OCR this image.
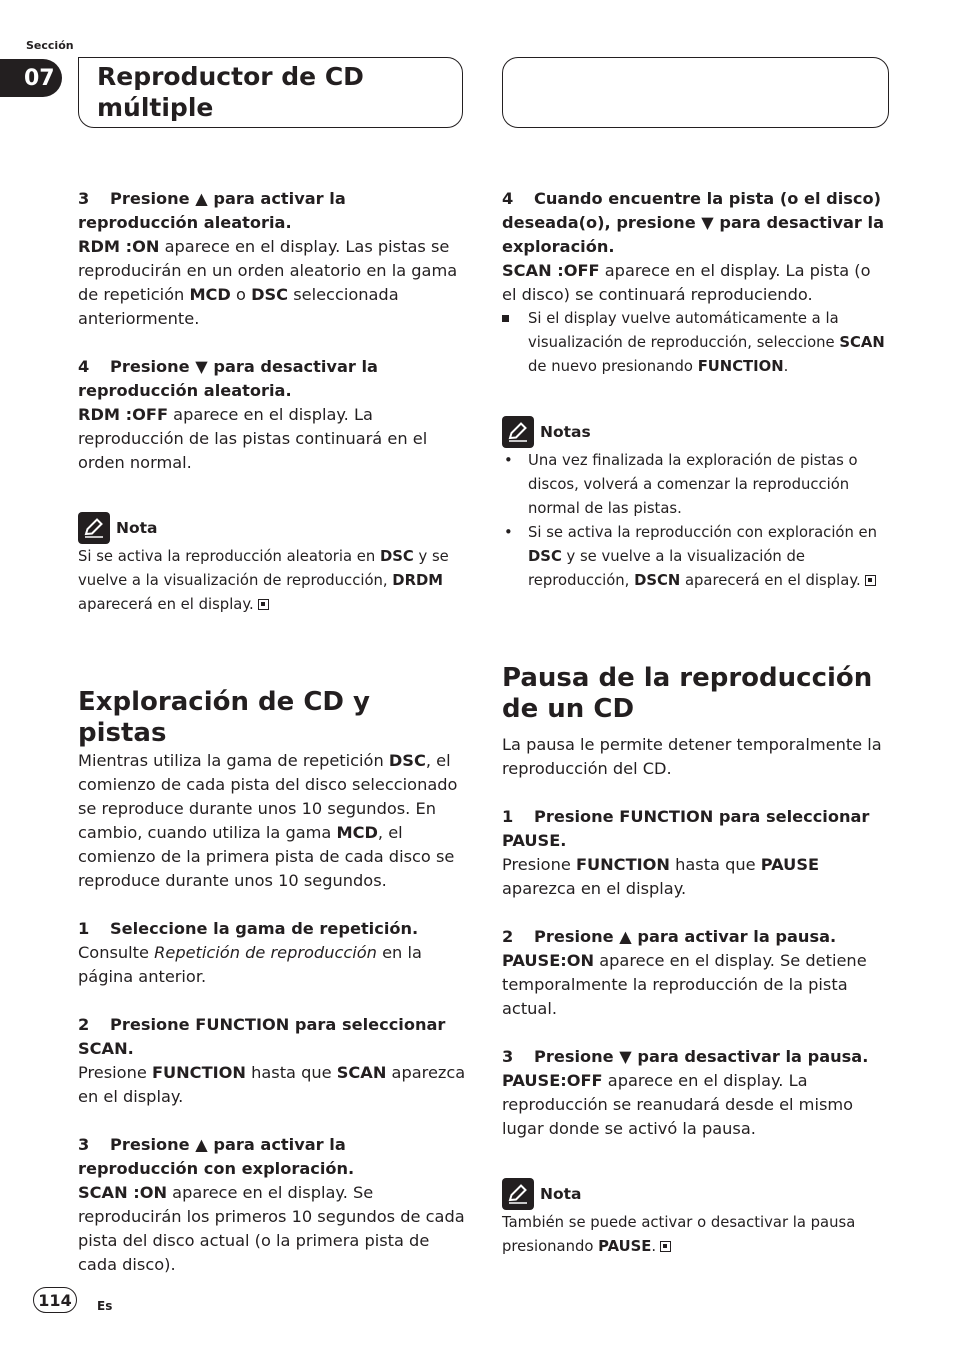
Sección
07 Reproductor de CD múltiple

3 Presione ▲ para activar la reproducción aleatoria.

RDM :ON aparece en el display. Las pistas se reproducirán en un orden aleatorio en la gama de repetición MCD o DSC seleccionada anteriormente.

4 Presione ▼ para desactivar la reproducción aleatoria.

RDM :OFF aparece en el display. La reproducción de las pistas continuará en el orden normal.

Nota

Si se activa la reproducción aleatoria en DSC y se vuelve a la visualización de reproducción, DRDM aparecerá en el display.

Exploración de CD y pistas

Mientras utiliza la gama de repetición DSC, el comienzo de cada pista del disco seleccionado se reproduce durante unos 10 segundos. En cambio, cuando utiliza la gama MCD, el comienzo de la primera pista de cada disco se reproduce durante unos 10 segundos.

1 Seleccione la gama de repetición.

Consulte Repetición de reproducción en la página anterior.

2 Presione FUNCTION para seleccionar SCAN.

Presione FUNCTION hasta que SCAN aparezca en el display.

3 Presione ▲ para activar la reproducción con exploración.

SCAN :ON aparece en el display. Se reproducirán los primeros 10 segundos de cada pista del disco actual (o la primera pista de cada disco).

4 Cuando encuentre la pista (o el disco) deseada(o), presione ▼ para desactivar la exploración.

SCAN :OFF aparece en el display. La pista (o el disco) se continuará reproduciendo.

Si el display vuelve automáticamente a la visualización de reproducción, seleccione SCAN de nuevo presionando FUNCTION.

Notas
• Una vez finalizada la exploración de pistas o discos, volverá a comenzar la reproducción normal de las pistas.
• Si se activa la reproducción con exploración en DSC y se vuelve a la visualización de reproducción, DSCN aparecerá en el display.
Pausa de la reproducción de un CD

La pausa le permite detener temporalmente la reproducción del CD.

1 Presione FUNCTION para seleccionar PAUSE.

Presione FUNCTION hasta que PAUSE aparezca en el display.

2 Presione ▲ para activar la pausa.

PAUSE:ON aparece en el display. Se detiene temporalmente la reproducción de la pista actual.

3 Presione ▼ para desactivar la pausa.

PAUSE:OFF aparece en el display. La reproducción se reanudará desde el mismo lugar donde se activó la pausa.

Nota

También se puede activar o desactivar la pausa presionando PAUSE.

114	Es
